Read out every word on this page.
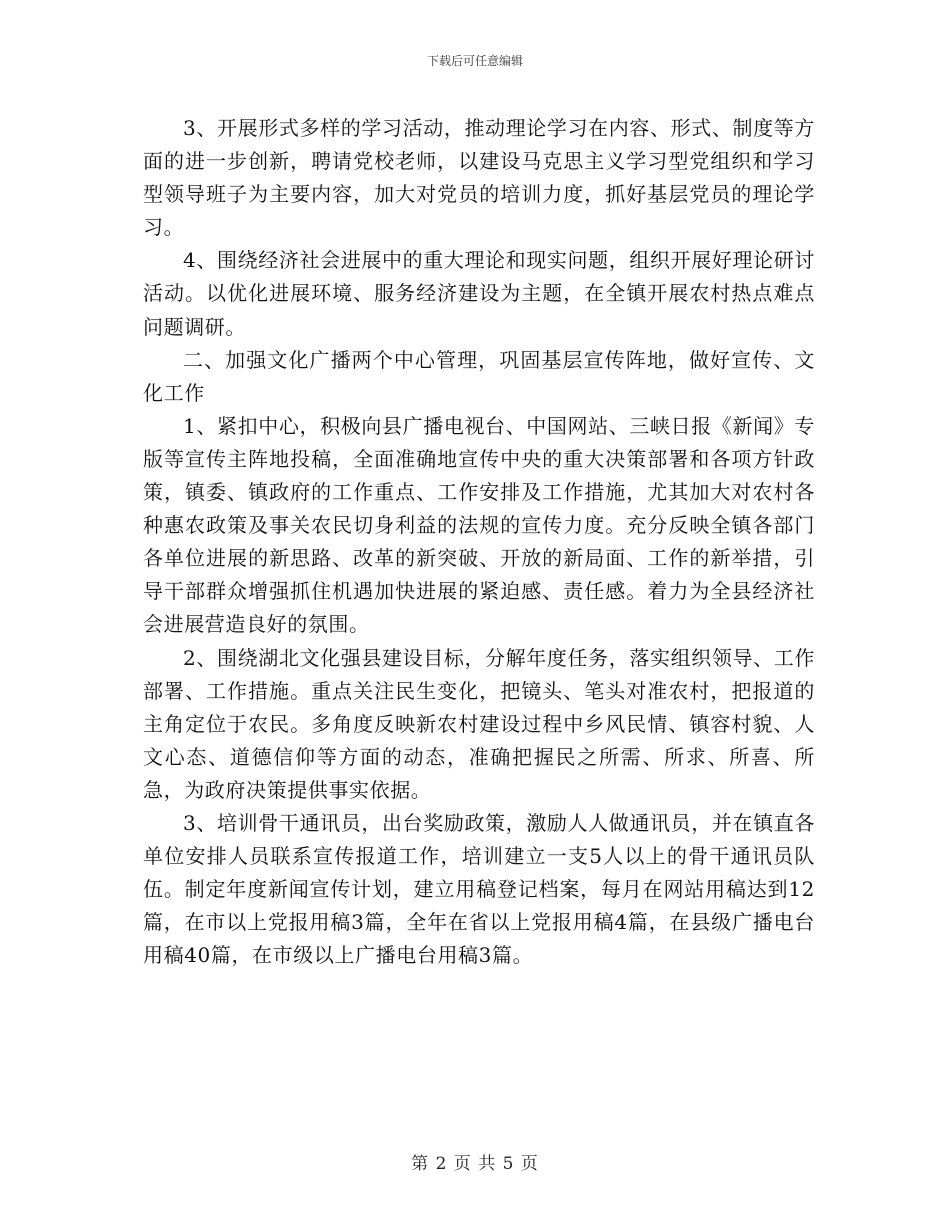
下载后可任意编辑

3、开展形式多样的学习活动，推动理论学习在内容、形式、制度等方面的进一步创新，聘请党校老师，以建设马克思主义学习型党组织和学习型领导班子为主要内容，加大对党员的培训力度，抓好基层党员的理论学习。

4、围绕经济社会进展中的重大理论和现实问题，组织开展好理论研讨活动。以优化进展环境、服务经济建设为主题，在全镇开展农村热点难点问题调研。

二、加强文化广播两个中心管理，巩固基层宣传阵地，做好宣传、文化工作

1、紧扣中心，积极向县广播电视台、中国网站、三峡日报《新闻》专版等宣传主阵地投稿，全面准确地宣传中央的重大决策部署和各项方针政策，镇委、镇政府的工作重点、工作安排及工作措施，尤其加大对农村各种惠农政策及事关农民切身利益的法规的宣传力度。充分反映全镇各部门各单位进展的新思路、改革的新突破、开放的新局面、工作的新举措，引导干部群众增强抓住机遇加快进展的紧迫感、责任感。着力为全县经济社会进展营造良好的氛围。

2、围绕湖北文化强县建设目标，分解年度任务，落实组织领导、工作部署、工作措施。重点关注民生变化，把镜头、笔头对准农村，把报道的主角定位于农民。多角度反映新农村建设过程中乡风民情、镇容村貌、人文心态、道德信仰等方面的动态，准确把握民之所需、所求、所喜、所急，为政府决策提供事实依据。

3、培训骨干通讯员，出台奖励政策，激励人人做通讯员，并在镇直各单位安排人员联系宣传报道工作，培训建立一支5人以上的骨干通讯员队伍。制定年度新闻宣传计划，建立用稿登记档案，每月在网站用稿达到12篇，在市以上党报用稿3篇，全年在省以上党报用稿4篇，在县级广播电台用稿40篇，在市级以上广播电台用稿3篇。

第 2 页 共 5 页
